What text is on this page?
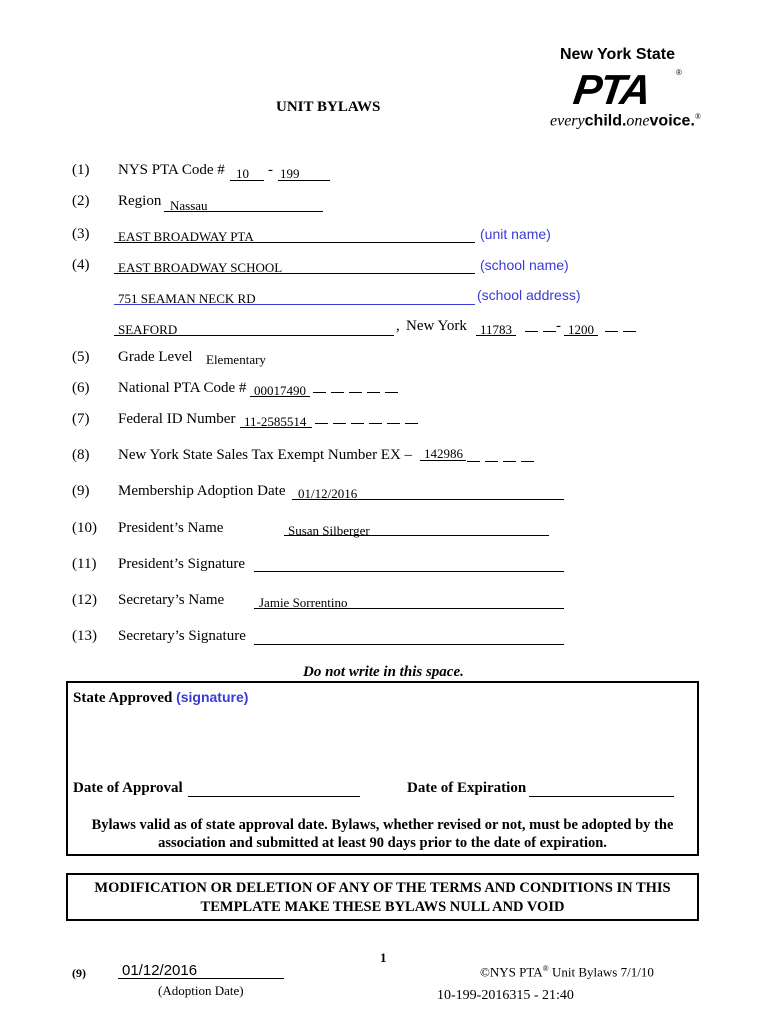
UNIT BYLAWS
New York State
PTA	®
everychild.onevoice.®
(1) NYS PTA Code # 10 - 199
(2) Region Nassau
(3) EAST BROADWAY PTA	(unit name)
(4) EAST BROADWAY SCHOOL	(school name)
751 SEAMAN NECK RD	(school address)
SEAFORD	, New York 11783	- 1200
(5) Grade Level Elementary
(6) National PTA Code # 00017490
(7) Federal ID Number 11-2585514
(8) New York State Sales Tax Exempt Number EX – 142986
(9) Membership Adoption Date 01/12/2016
(10) President’s Name	Susan Silberger
(11) President’s Signature
(12) Secretary’s Name	Jamie Sorrentino
(13) Secretary’s Signature
Do not write in this space.
State Approved (signature)
Date of Approval	Date of Expiration
Bylaws valid as of state approval date. Bylaws, whether revised or not, must be adopted by the
association and submitted at least 90 days prior to the date of expiration.
MODIFICATION OR DELETION OF ANY OF THE TERMS AND CONDITIONS IN THIS
TEMPLATE MAKE THESE BYLAWS NULL AND VOID
1
(9) 01/12/2016
(Adoption Date)
©NYS PTA® Unit Bylaws 7/1/10
10-199-2016315 - 21:40
